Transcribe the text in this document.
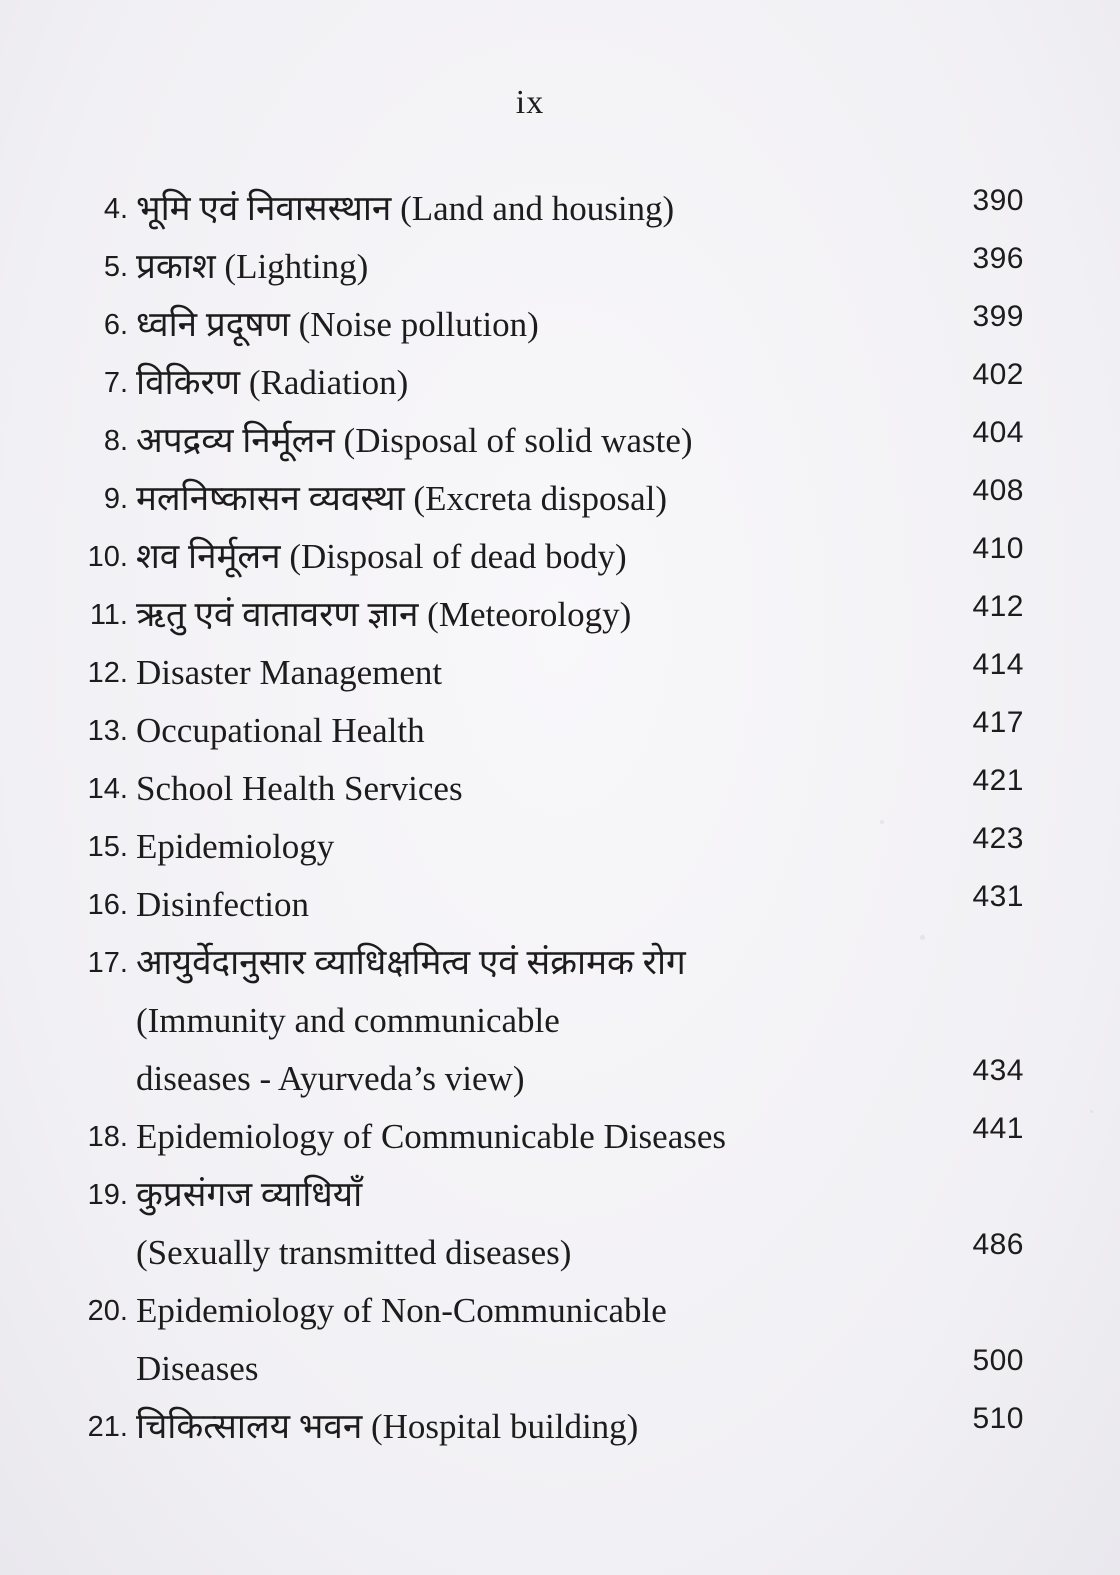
ix
4. भूमि एवं निवासस्थान (Land and housing)	390
5. प्रकाश (Lighting)	396
6. ध्वनि प्रदूषण (Noise pollution)	399
7. विकिरण (Radiation)	402
8. अपद्रव्य निर्मूलन (Disposal of solid waste)	404
9. मलनिष्कासन व्यवस्था (Excreta disposal)	408
10. शव निर्मूलन (Disposal of dead body)	410
11. ऋतु एवं वातावरण ज्ञान (Meteorology)	412
12. Disaster Management	414
13. Occupational Health	417
14. School Health Services	421
15. Epidemiology	423
16. Disinfection	431
17. आयुर्वेदानुसार व्याधिक्षमित्व एवं संक्रामक रोग
(Immunity and communicable
diseases - Ayurveda’s view)	434
18. Epidemiology of Communicable Diseases	441
19. कुप्रसंगज व्याधियाँ
(Sexually transmitted diseases)	486
20. Epidemiology of Non-Communicable
Diseases	500
21. चिकित्सालय भवन (Hospital building)	510
